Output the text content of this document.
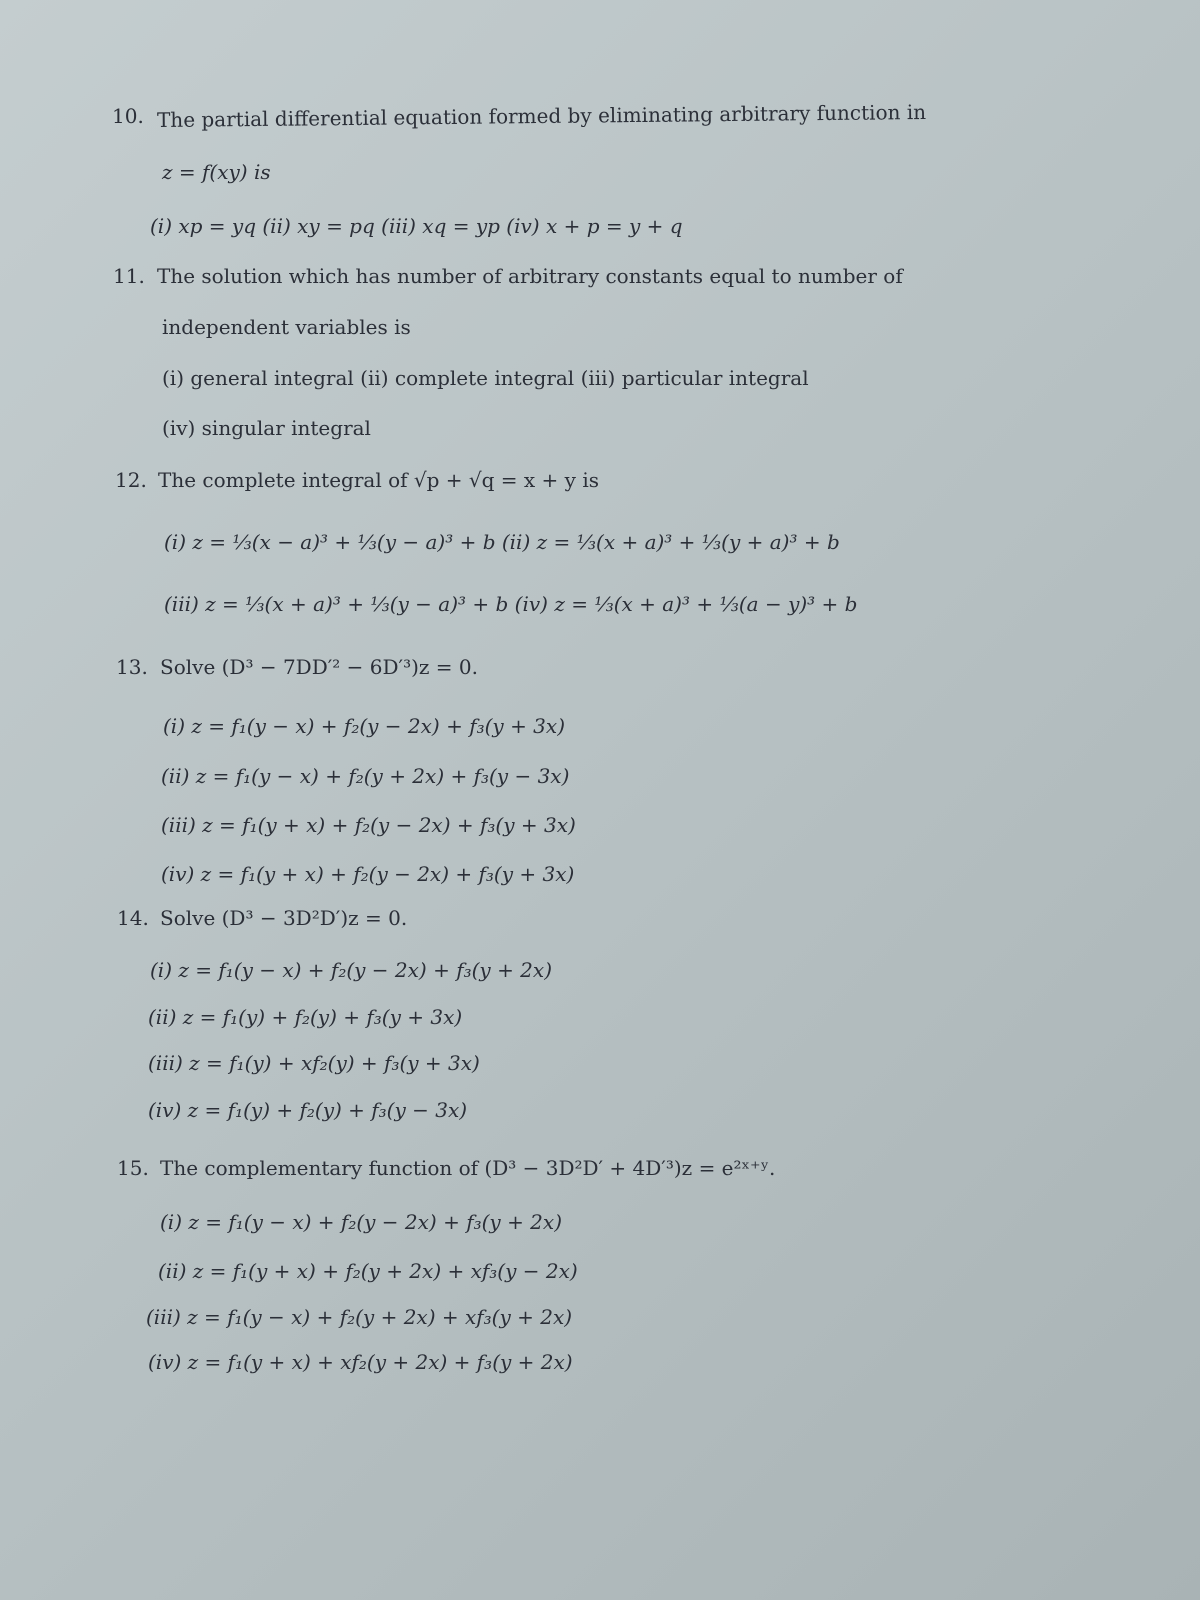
10. The partial differential equation formed by eliminating arbitrary function in
z = f(xy) is
(i) xp = yq (ii) xy = pq (iii) xq = yp (iv) x + p = y + q
11. The solution which has number of arbitrary constants equal to number of
independent variables is
(i) general integral (ii) complete integral (iii) particular integral
(iv) singular integral
12. The complete integral of √p + √q = x + y is
(i) z = ⅓(x − a)³ + ⅓(y − a)³ + b (ii) z = ⅓(x + a)³ + ⅓(y + a)³ + b
(iii) z = ⅓(x + a)³ + ⅓(y − a)³ + b (iv) z = ⅓(x + a)³ + ⅓(a − y)³ + b
13. Solve (D³ − 7DD′² − 6D′³)z = 0.
(i) z = f₁(y − x) + f₂(y − 2x) + f₃(y + 3x)
(ii) z = f₁(y − x) + f₂(y + 2x) + f₃(y − 3x)
(iii) z = f₁(y + x) + f₂(y − 2x) + f₃(y + 3x)
(iv) z = f₁(y + x) + f₂(y − 2x) + f₃(y + 3x)
14. Solve (D³ − 3D²D′)z = 0.
(i) z = f₁(y − x) + f₂(y − 2x) + f₃(y + 2x)
(ii) z = f₁(y) + f₂(y) + f₃(y + 3x)
(iii) z = f₁(y) + xf₂(y) + f₃(y + 3x)
(iv) z = f₁(y) + f₂(y) + f₃(y − 3x)
15. The complementary function of (D³ − 3D²D′ + 4D′³)z = e²ˣ⁺ʸ.
(i) z = f₁(y − x) + f₂(y − 2x) + f₃(y + 2x)
(ii) z = f₁(y + x) + f₂(y + 2x) + xf₃(y − 2x)
(iii) z = f₁(y − x) + f₂(y + 2x) + xf₃(y + 2x)
(iv) z = f₁(y + x) + xf₂(y + 2x) + f₃(y + 2x)
